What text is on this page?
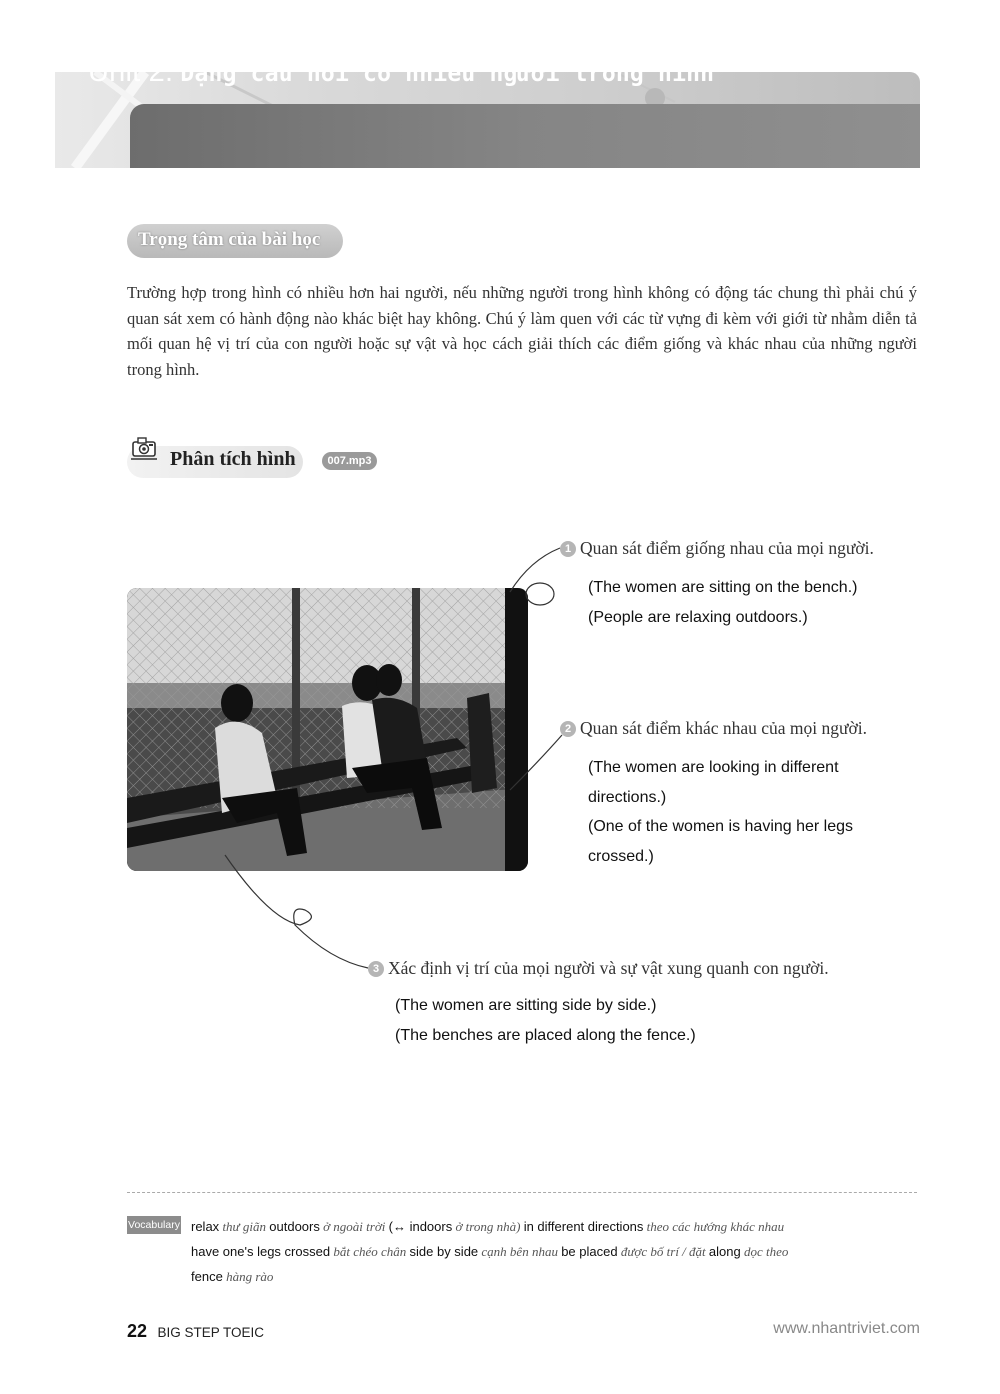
Unit 2. Dạng câu hỏi có nhiều người trong hình
Trọng tâm của bài học

Trường hợp trong hình có nhiều hơn hai người, nếu những người trong hình không có động tác chung thì phải chú ý quan sát xem có hành động nào khác biệt hay không. Chú ý làm quen với các từ vựng đi kèm với giới từ nhằm diễn tả mối quan hệ vị trí của con người hoặc sự vật và học cách giải thích các điểm giống và khác nhau của những người trong hình.

Phân tích hình	007.mp3
1 Quan sát điểm giống nhau của mọi người.
(The women are sitting on the bench.)
(People are relaxing outdoors.)
2 Quan sát điểm khác nhau của mọi người.
(The women are looking in different
directions.)
(One of the women is having her legs
crossed.)
3 Xác định vị trí của mọi người và sự vật xung quanh con người.
(The women are sitting side by side.)
(The benches are placed along the fence.)
Vocabulary relax thư giãn outdoors ở ngoài trời (↔ indoors ở trong nhà) in different directions theo các hướng khác nhau
have one's legs crossed bắt chéo chân side by side cạnh bên nhau be placed được bố trí / đặt along dọc theo
fence hàng rào
22 BIG STEP TOEIC	www.nhantriviet.com
